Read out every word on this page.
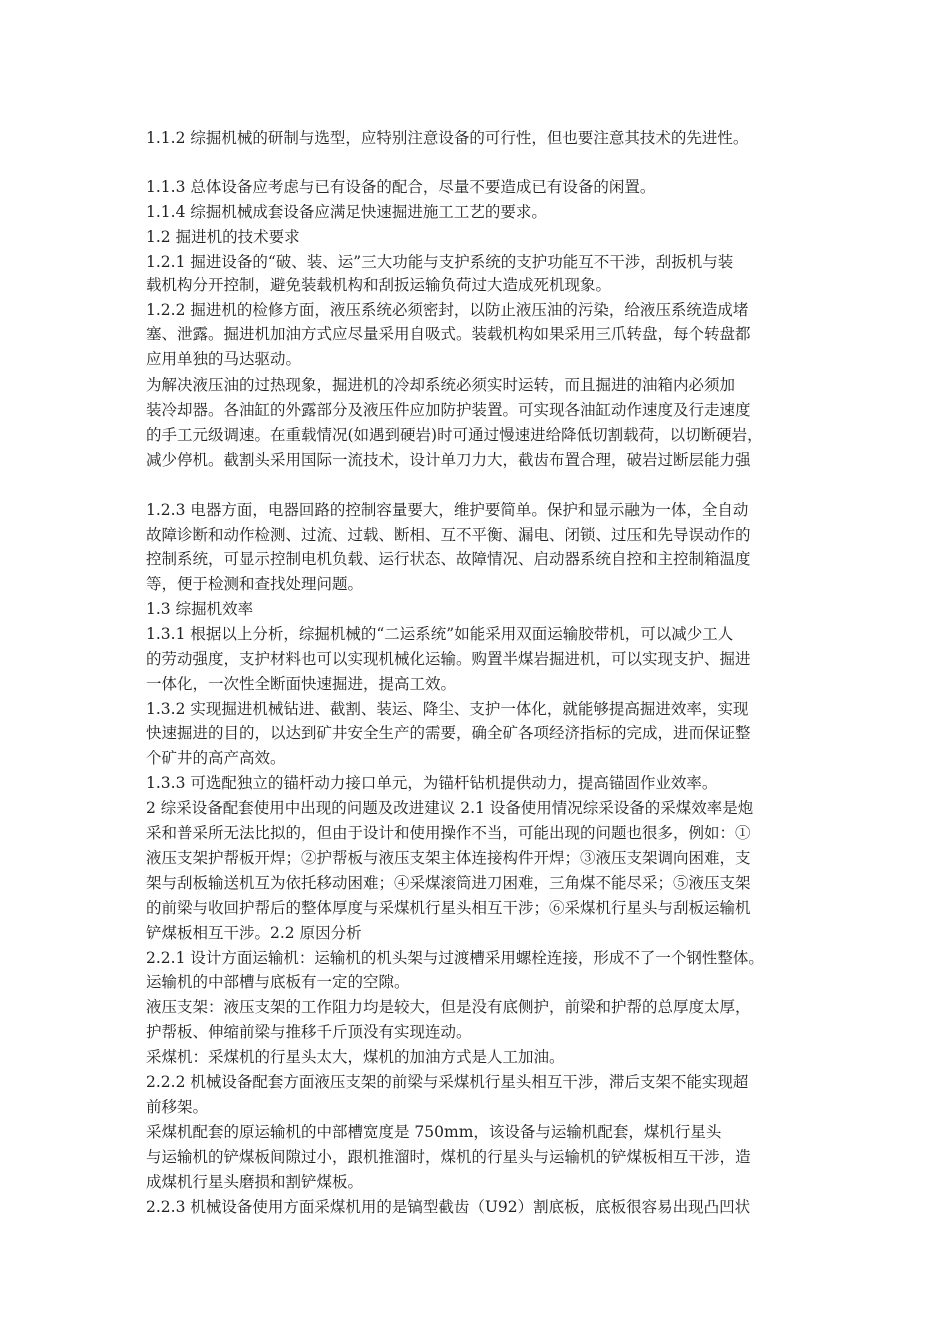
1.1.2 综掘机械的研制与选型，应特别注意设备的可行性，但也要注意其技术的先进性。
1.1.3 总体设备应考虑与已有设备的配合，尽量不要造成已有设备的闲置。
1.1.4 综掘机械成套设备应满足快速掘进施工工艺的要求。
1.2 掘进机的技术要求
1.2.1 掘进设备的“破、装、运”三大功能与支护系统的支护功能互不干涉，刮扳机与装
载机构分开控制，避免装载机构和刮扳运输负荷过大造成死机现象。
1.2.2 掘进机的检修方面，液压系统必须密封，以防止液压油的污染，给液压系统造成堵
塞、泄露。掘进机加油方式应尽量采用自吸式。装载机构如果采用三爪转盘，每个转盘都
应用单独的马达驱动。
为解决液压油的过热现象，掘进机的冷却系统必须实时运转，而且掘进的油箱内必须加
装冷却器。各油缸的外露部分及液压件应加防护装置。可实现各油缸动作速度及行走速度
的手工元级调速。在重载情况(如遇到硬岩)时可通过慢速进给降低切割载荷，以切断硬岩，
减少停机。截割头采用国际一流技术，设计单刀力大，截齿布置合理，破岩过断层能力强
1.2.3 电器方面，电器回路的控制容量要大，维护要简单。保护和显示融为一体，全自动
故障诊断和动作检测、过流、过载、断相、互不平衡、漏电、闭锁、过压和先导误动作的
控制系统，可显示控制电机负载、运行状态、故障情况、启动器系统自控和主控制箱温度
等，便于检测和查找处理问题。
1.3 综掘机效率
1.3.1 根据以上分析，综掘机械的“二运系统”如能采用双面运输胶带机，可以减少工人
的劳动强度，支护材料也可以实现机械化运输。购置半煤岩掘进机，可以实现支护、掘进
一体化，一次性全断面快速掘进，提高工效。
1.3.2 实现掘进机械钻进、截割、装运、降尘、支护一体化，就能够提高掘进效率，实现
快速掘进的目的，以达到矿井安全生产的需要，确全矿各项经济指标的完成，进而保证整
个矿井的高产高效。
1.3.3 可选配独立的锚杆动力接口单元，为锚杆钻机提供动力，提高锚固作业效率。
2 综采设备配套使用中出现的问题及改进建议 2.1 设备使用情况综采设备的采煤效率是炮
采和普采所无法比拟的，但由于设计和使用操作不当，可能出现的问题也很多，例如：①
液压支架护帮板开焊；②护帮板与液压支架主体连接构件开焊；③液压支架调向困难，支
架与刮板输送机互为依托移动困难；④采煤滚筒进刀困难，三角煤不能尽采；⑤液压支架
的前梁与收回护帮后的整体厚度与采煤机行星头相互干涉；⑥采煤机行星头与刮板运输机
铲煤板相互干涉。2.2 原因分析
2.2.1 设计方面运输机：运输机的机头架与过渡槽采用螺栓连接，形成不了一个钢性整体。
运输机的中部槽与底板有一定的空隙。
液压支架：液压支架的工作阻力均是较大，但是没有底侧护，前梁和护帮的总厚度太厚，
护帮板、伸缩前梁与推移千斤顶没有实现连动。
采煤机：采煤机的行星头太大，煤机的加油方式是人工加油。
2.2.2 机械设备配套方面液压支架的前梁与采煤机行星头相互干涉，滞后支架不能实现超
前移架。
采煤机配套的原运输机的中部槽宽度是 750mm，该设备与运输机配套，煤机行星头
与运输机的铲煤板间隙过小，跟机推溜时，煤机的行星头与运输机的铲煤板相互干涉，造
成煤机行星头磨损和割铲煤板。
2.2.3 机械设备使用方面采煤机用的是镐型截齿（U92）割底板，底板很容易出现凸凹状
